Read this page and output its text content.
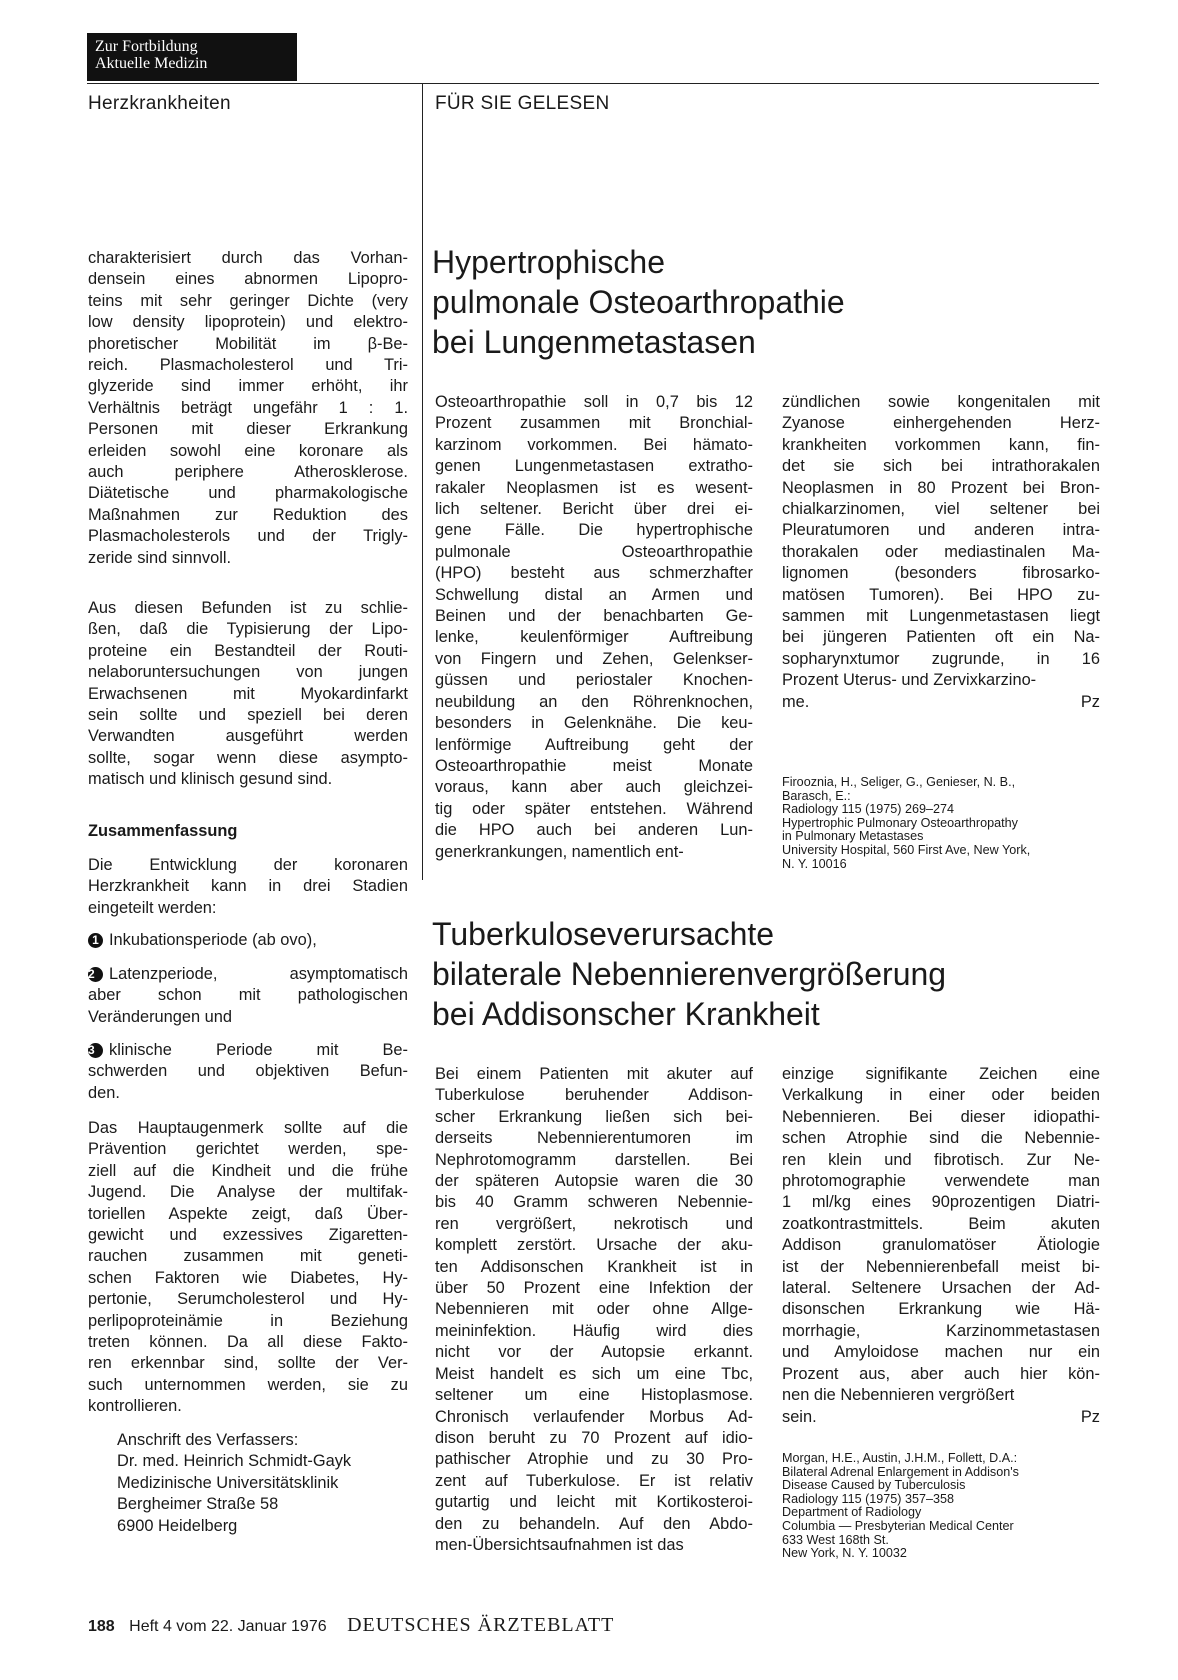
Zur Fortbildung
Aktuelle Medizin
Herzkrankheiten	FÜR SIE GELESEN
charakterisiert durch das Vorhan-
densein eines abnormen Lipopro-
teins mit sehr geringer Dichte (very
low density lipoprotein) und elektro-
phoretischer Mobilität im β-Be-
reich. Plasmacholesterol und Tri-
glyzeride sind immer erhöht, ihr
Verhältnis beträgt ungefähr 1 : 1.
Personen mit dieser Erkrankung
erleiden sowohl eine koronare als
auch periphere Atherosklerose.
Diätetische und pharmakologische
Maßnahmen zur Reduktion des
Plasmacholesterols und der Trigly-
zeride sind sinnvoll.
Aus diesen Befunden ist zu schlie-
ßen, daß die Typisierung der Lipo-
proteine ein Bestandteil der Routi-
nelaboruntersuchungen von jungen
Erwachsenen mit Myokardinfarkt
sein sollte und speziell bei deren
Verwandten ausgeführt werden
sollte, sogar wenn diese asympto-
matisch und klinisch gesund sind.
Zusammenfassung
Die Entwicklung der koronaren
Herzkrankheit kann in drei Stadien
eingeteilt werden:
1 Inkubationsperiode (ab ovo),
2 Latenzperiode, asymptomatisch
aber schon mit pathologischen
Veränderungen und
3 klinische Periode mit Be-
schwerden und objektiven Befun-
den.
Das Hauptaugenmerk sollte auf die
Prävention gerichtet werden, spe-
ziell auf die Kindheit und die frühe
Jugend. Die Analyse der multifak-
toriellen Aspekte zeigt, daß Über-
gewicht und exzessives Zigaretten-
rauchen zusammen mit geneti-
schen Faktoren wie Diabetes, Hy-
pertonie, Serumcholesterol und Hy-
perlipoproteinämie in Beziehung
treten können. Da all diese Fakto-
ren erkennbar sind, sollte der Ver-
such unternommen werden, sie zu
kontrollieren.
Anschrift des Verfassers:
Dr. med. Heinrich Schmidt-Gayk
Medizinische Universitätsklinik
Bergheimer Straße 58
6900 Heidelberg
Hypertrophische
pulmonale Osteoarthropathie
bei Lungenmetastasen
Osteoarthropathie soll in 0,7 bis 12
Prozent zusammen mit Bronchial-
karzinom vorkommen. Bei hämato-
genen Lungenmetastasen extratho-
rakaler Neoplasmen ist es wesent-
lich seltener. Bericht über drei ei-
gene Fälle. Die hypertrophische
pulmonale Osteoarthropathie
(HPO) besteht aus schmerzhafter
Schwellung distal an Armen und
Beinen und der benachbarten Ge-
lenke, keulenförmiger Auftreibung
von Fingern und Zehen, Gelenkser-
güssen und periostaler Knochen-
neubildung an den Röhrenknochen,
besonders in Gelenknähe. Die keu-
lenförmige Auftreibung geht der
Osteoarthropathie meist Monate
voraus, kann aber auch gleichzei-
tig oder später entstehen. Während
die HPO auch bei anderen Lun-
generkrankungen, namentlich ent-
zündlichen sowie kongenitalen mit
Zyanose einhergehenden Herz-
krankheiten vorkommen kann, fin-
det sie sich bei intrathorakalen
Neoplasmen in 80 Prozent bei Bron-
chialkarzinomen, viel seltener bei
Pleuratumoren und anderen intra-
thorakalen oder mediastinalen Ma-
lignomen (besonders fibrosarko-
matösen Tumoren). Bei HPO zu-
sammen mit Lungenmetastasen liegt
bei jüngeren Patienten oft ein Na-
sopharynxtumor zugrunde, in 16
Prozent Uterus- und Zervixkarzino-
me.	Pz
Firooznia, H., Seliger, G., Genieser, N. B.,
Barasch, E.:
Radiology 115 (1975) 269–274
Hypertrophic Pulmonary Osteoarthropathy
in Pulmonary Metastases
University Hospital, 560 First Ave, New York,
N. Y. 10016
Tuberkuloseverursachte
bilaterale Nebennierenvergrößerung
bei Addisonscher Krankheit
Bei einem Patienten mit akuter auf
Tuberkulose beruhender Addison-
scher Erkrankung ließen sich bei-
derseits Nebennierentumoren im
Nephrotomogramm darstellen. Bei
der späteren Autopsie waren die 30
bis 40 Gramm schweren Nebennie-
ren vergrößert, nekrotisch und
komplett zerstört. Ursache der aku-
ten Addisonschen Krankheit ist in
über 50 Prozent eine Infektion der
Nebennieren mit oder ohne Allge-
meininfektion. Häufig wird dies
nicht vor der Autopsie erkannt.
Meist handelt es sich um eine Tbc,
seltener um eine Histoplasmose.
Chronisch verlaufender Morbus Ad-
dison beruht zu 70 Prozent auf idio-
pathischer Atrophie und zu 30 Pro-
zent auf Tuberkulose. Er ist relativ
gutartig und leicht mit Kortikosteroi-
den zu behandeln. Auf den Abdo-
men-Übersichtsaufnahmen ist das
einzige signifikante Zeichen eine
Verkalkung in einer oder beiden
Nebennieren. Bei dieser idiopathi-
schen Atrophie sind die Nebennie-
ren klein und fibrotisch. Zur Ne-
phrotomographie verwendete man
1 ml/kg eines 90prozentigen Diatri-
zoatkontrastmittels. Beim akuten
Addison granulomatöser Ätiologie
ist der Nebennierenbefall meist bi-
lateral. Seltenere Ursachen der Ad-
disonschen Erkrankung wie Hä-
morrhagie, Karzinommetastasen
und Amyloidose machen nur ein
Prozent aus, aber auch hier kön-
nen die Nebennieren vergrößert
sein.	Pz
Morgan, H.E., Austin, J.H.M., Follett, D.A.:
Bilateral Adrenal Enlargement in Addison's
Disease Caused by Tuberculosis
Radiology 115 (1975) 357–358
Department of Radiology
Columbia — Presbyterian Medical Center
633 West 168th St.
New York, N. Y. 10032
188 Heft 4 vom 22. Januar 1976 DEUTSCHES ÄRZTEBLATT
